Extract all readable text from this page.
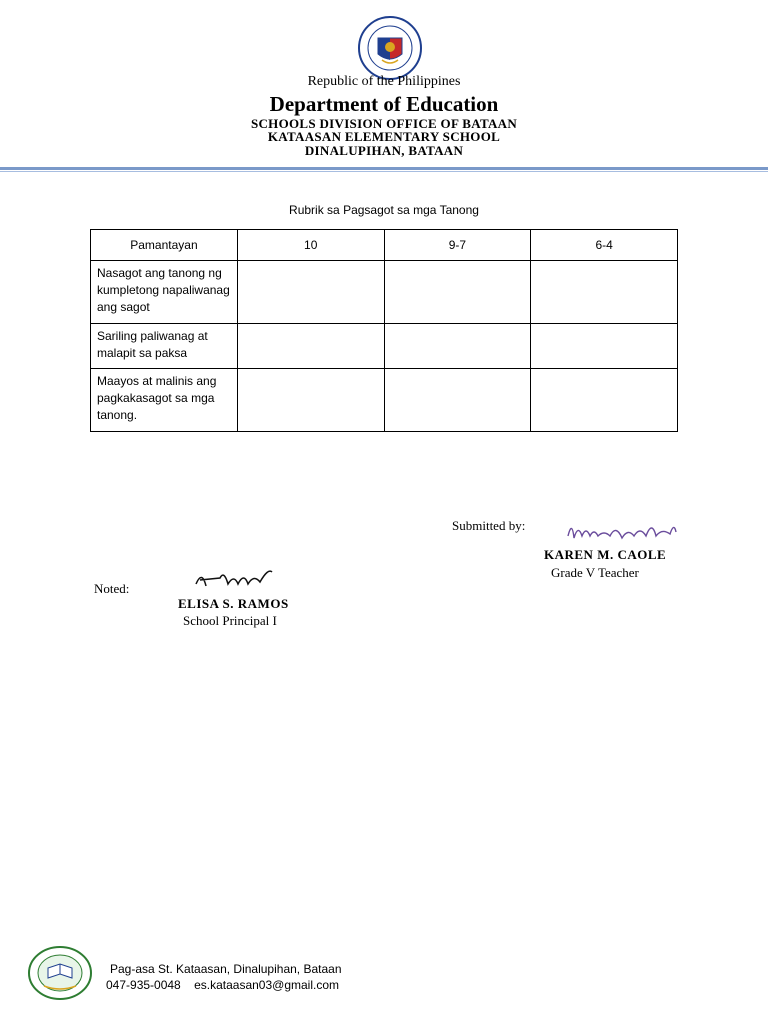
Republic of the Philippines
Department of Education
SCHOOLS DIVISION OFFICE OF BATAAN
KATAASAN ELEMENTARY SCHOOL
DINALUPIHAN, BATAAN
Rubrik sa Pagsagot sa mga Tanong
Pamantayan	10	9-7	6-4
Nasagot ang tanong ng kumpletong napaliwanag ang sagot			
Sariling paliwanag at malapit sa paksa			
Maayos at malinis ang pagkakasagot sa mga tanong.			
Submitted by:
KAREN M. CAOLE
Grade V Teacher
Noted:
ELISA S. RAMOS
School Principal I
Pag-asa St. Kataasan, Dinalupihan, Bataan
047-935-0048 es.kataasan03@gmail.com
